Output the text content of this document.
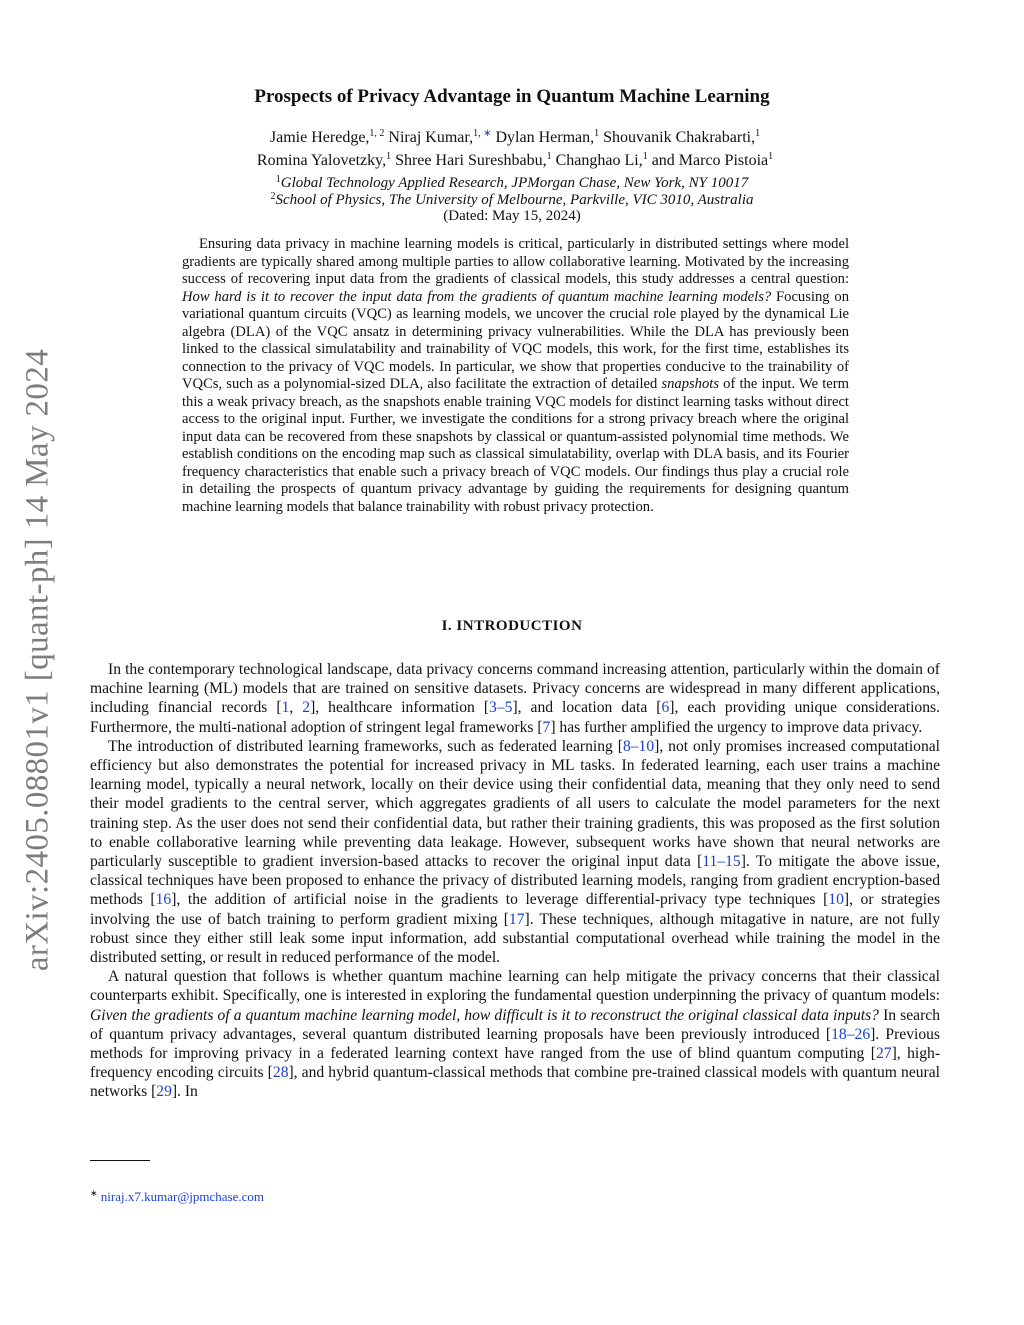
arXiv:2405.08801v1 [quant-ph] 14 May 2024
Prospects of Privacy Advantage in Quantum Machine Learning
Jamie Heredge,$^{1, 2}$ Niraj Kumar,$^{1, ∗}$ Dylan Herman,$^1$ Shouvanik Chakrabarti,$^1$
Romina Yalovetzky,$^1$ Shree Hari Sureshbabu,$^1$ Changhao Li,$^1$ and Marco Pistoia$^1$
$^1$Global Technology Applied Research, JPMorgan Chase, New York, NY 10017
$^2$School of Physics, The University of Melbourne, Parkville, VIC 3010, Australia
(Dated: May 15, 2024)
Ensuring data privacy in machine learning models is critical, particularly in distributed settings where model gradients are typically shared among multiple parties to allow collaborative learning. Motivated by the increasing success of recovering input data from the gradients of classical models, this study addresses a central question: How hard is it to recover the input data from the gradients of quantum machine learning models? Focusing on variational quantum circuits (VQC) as learning models, we uncover the crucial role played by the dynamical Lie algebra (DLA) of the VQC ansatz in determining privacy vulnerabilities. While the DLA has previously been linked to the classical simulatability and trainability of VQC models, this work, for the first time, establishes its connection to the privacy of VQC models. In particular, we show that properties conducive to the trainability of VQCs, such as a polynomial-sized DLA, also facilitate the extraction of detailed snapshots of the input. We term this a weak privacy breach, as the snapshots enable training VQC models for distinct learning tasks without direct access to the original input. Further, we investigate the conditions for a strong privacy breach where the original input data can be recovered from these snapshots by classical or quantum-assisted polynomial time methods. We establish conditions on the encoding map such as classical simulatability, overlap with DLA basis, and its Fourier frequency characteristics that enable such a privacy breach of VQC models. Our findings thus play a crucial role in detailing the prospects of quantum privacy advantage by guiding the requirements for designing quantum machine learning models that balance trainability with robust privacy protection.
I. INTRODUCTION

In the contemporary technological landscape, data privacy concerns command increasing attention, particularly within the domain of machine learning (ML) models that are trained on sensitive datasets. Privacy concerns are widespread in many different applications, including financial records [1, 2], healthcare information [3–5], and location data [6], each providing unique considerations. Furthermore, the multi-national adoption of stringent legal frameworks [7] has further amplified the urgency to improve data privacy.

The introduction of distributed learning frameworks, such as federated learning [8–10], not only promises increased computational efficiency but also demonstrates the potential for increased privacy in ML tasks. In federated learning, each user trains a machine learning model, typically a neural network, locally on their device using their confidential data, meaning that they only need to send their model gradients to the central server, which aggregates gradients of all users to calculate the model parameters for the next training step. As the user does not send their confidential data, but rather their training gradients, this was proposed as the first solution to enable collaborative learning while preventing data leakage. However, subsequent works have shown that neural networks are particularly susceptible to gradient inversion-based attacks to recover the original input data [11–15]. To mitigate the above issue, classical techniques have been proposed to enhance the privacy of distributed learning models, ranging from gradient encryption-based methods [16], the addition of artificial noise in the gradients to leverage differential-privacy type techniques [10], or strategies involving the use of batch training to perform gradient mixing [17]. These techniques, although mitagative in nature, are not fully robust since they either still leak some input information, add substantial computational overhead while training the model in the distributed setting, or result in reduced performance of the model.

A natural question that follows is whether quantum machine learning can help mitigate the privacy concerns that their classical counterparts exhibit. Specifically, one is interested in exploring the fundamental question underpinning the privacy of quantum models: Given the gradients of a quantum machine learning model, how difficult is it to reconstruct the original classical data inputs? In search of quantum privacy advantages, several quantum distributed learning proposals have been previously introduced [18–26]. Previous methods for improving privacy in a federated learning context have ranged from the use of blind quantum computing [27], high-frequency encoding circuits [28], and hybrid quantum-classical methods that combine pre-trained classical models with quantum neural networks [29]. In

∗ niraj.x7.kumar@jpmchase.com
